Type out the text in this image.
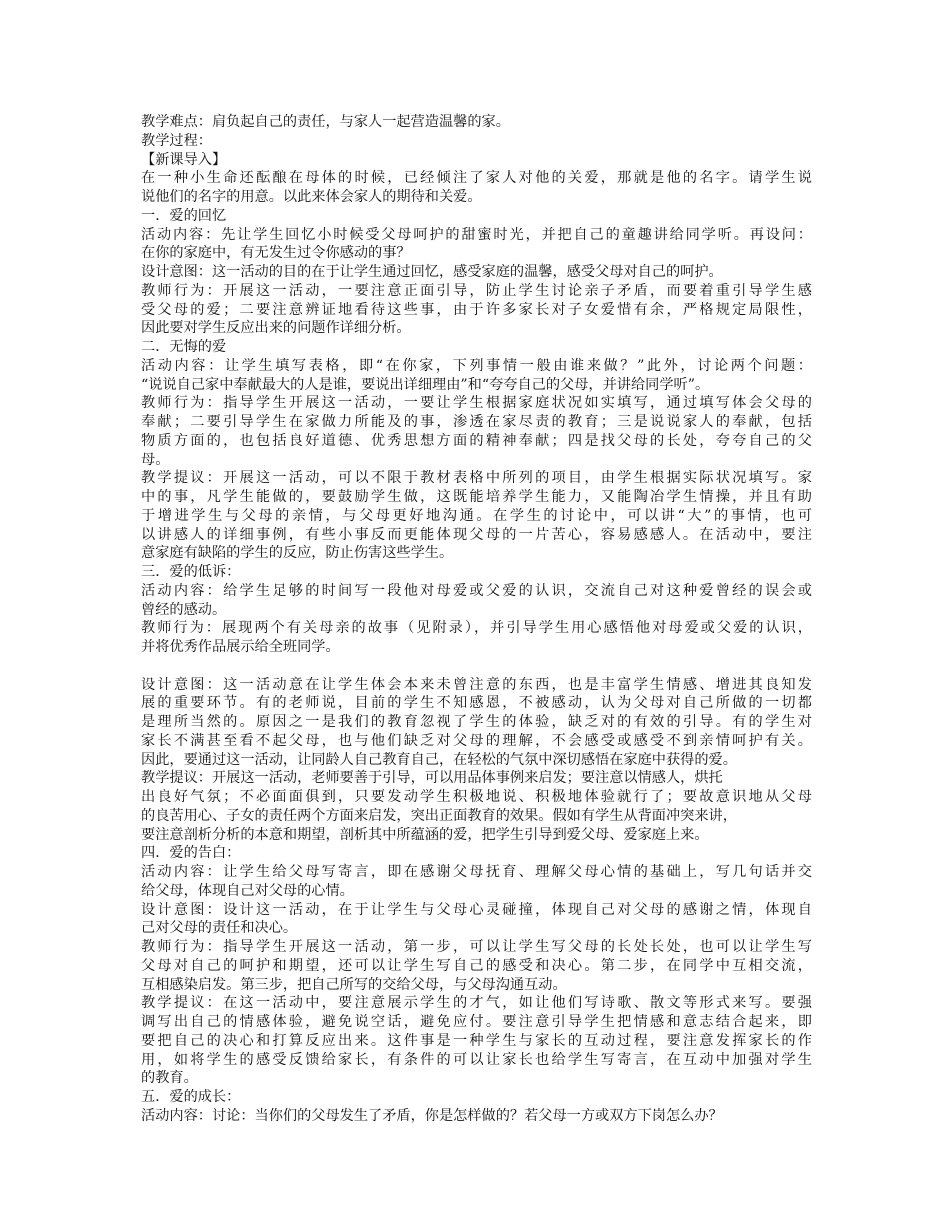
教学难点：肩负起自己的责任，与家人一起营造温馨的家。
教学过程：
【新课导入】
在一种小生命还酝酿在母体的时候，已经倾注了家人对他的关爱，那就是他的名字。请学生说
说他们的名字的用意。以此来体会家人的期待和关爱。
一．爱的回忆
活动内容：先让学生回忆小时候受父母呵护的甜蜜时光，并把自己的童趣讲给同学听。再设问：
在你的家庭中，有无发生过令你感动的事？
设计意图：这一活动的目的在于让学生通过回忆，感受家庭的温馨，感受父母对自己的呵护。
教师行为：开展这一活动，一要注意正面引导，防止学生讨论亲子矛盾，而要着重引导学生感
受父母的爱；二要注意辨证地看待这些事，由于许多家长对子女爱惜有余，严格规定局限性，
因此要对学生反应出来的问题作详细分析。
二．无悔的爱
活动内容：让学生填写表格，即“在你家，下列事情一般由谁来做？”此外，讨论两个问题：
“说说自己家中奉献最大的人是谁，要说出详细理由”和“夸夸自己的父母，并讲给同学听”。
教师行为：指导学生开展这一活动，一要让学生根据家庭状况如实填写，通过填写体会父母的
奉献；二要引导学生在家做力所能及的事，渗透在家尽责的教育；三是说说家人的奉献，包括
物质方面的，也包括良好道德、优秀思想方面的精神奉献；四是找父母的长处，夸夸自己的父
母。
教学提议：开展这一活动，可以不限于教材表格中所列的项目，由学生根据实际状况填写。家
中的事，凡学生能做的，要鼓励学生做，这既能培养学生能力，又能陶冶学生情操，并且有助
于增进学生与父母的亲情，与父母更好地沟通。在学生的讨论中，可以讲“大”的事情，也可
以讲感人的详细事例，有些小事反而更能体现父母的一片苦心，容易感感人。在活动中，要注
意家庭有缺陷的学生的反应，防止伤害这些学生。
三．爱的低诉：
活动内容：给学生足够的时间写一段他对母爱或父爱的认识，交流自己对这种爱曾经的误会或
曾经的感动。
教师行为：展现两个有关母亲的故事（见附录），并引导学生用心感悟他对母爱或父爱的认识，
并将优秀作品展示给全班同学。
设计意图：这一活动意在让学生体会本来未曾注意的东西，也是丰富学生情感、增进其良知发
展的重要环节。有的老师说，目前的学生不知感恩，不被感动，认为父母对自己所做的一切都
是理所当然的。原因之一是我们的教育忽视了学生的体验，缺乏对的有效的引导。有的学生对
家长不满甚至看不起父母，也与他们缺乏对父母的理解，不会感受或感受不到亲情呵护有关。
因此，要通过这一活动，让同龄人自己教育自己，在轻松的气氛中深切感悟在家庭中获得的爱。
教学提议：开展这一活动，老师要善于引导，可以用品体事例来启发；要注意以情感人，烘托
出良好气氛；不必面面俱到，只要发动学生积极地说、积极地体验就行了；要故意识地从父母
的良苦用心、子女的责任两个方面来启发，突出正面教育的效果。假如有学生从背面冲突来讲，
要注意剖析分析的本意和期望，剖析其中所蕴涵的爱，把学生引导到爱父母、爱家庭上来。
四．爱的告白：
活动内容：让学生给父母写寄言，即在感谢父母抚育、理解父母心情的基础上，写几句话并交
给父母，体现自己对父母的心情。
设计意图：设计这一活动，在于让学生与父母心灵碰撞，体现自己对父母的感谢之情，体现自
己对父母的责任和决心。
教师行为：指导学生开展这一活动，第一步，可以让学生写父母的长处长处，也可以让学生写
父母对自己的呵护和期望，还可以让学生写自己的感受和决心。第二步，在同学中互相交流，
互相感染启发。第三步，把自己所写的交给父母，与父母沟通互动。
教学提议：在这一活动中，要注意展示学生的才气，如让他们写诗歌、散文等形式来写。要强
调写出自己的情感体验，避免说空话，避免应付。要注意引导学生把情感和意志结合起来，即
要把自己的决心和打算反应出来。这件事是一种学生与家长的互动过程，要注意发挥家长的作
用，如将学生的感受反馈给家长，有条件的可以让家长也给学生写寄言，在互动中加强对学生
的教育。
五．爱的成长：
活动内容：讨论：当你们的父母发生了矛盾，你是怎样做的？若父母一方或双方下岗怎么办？
